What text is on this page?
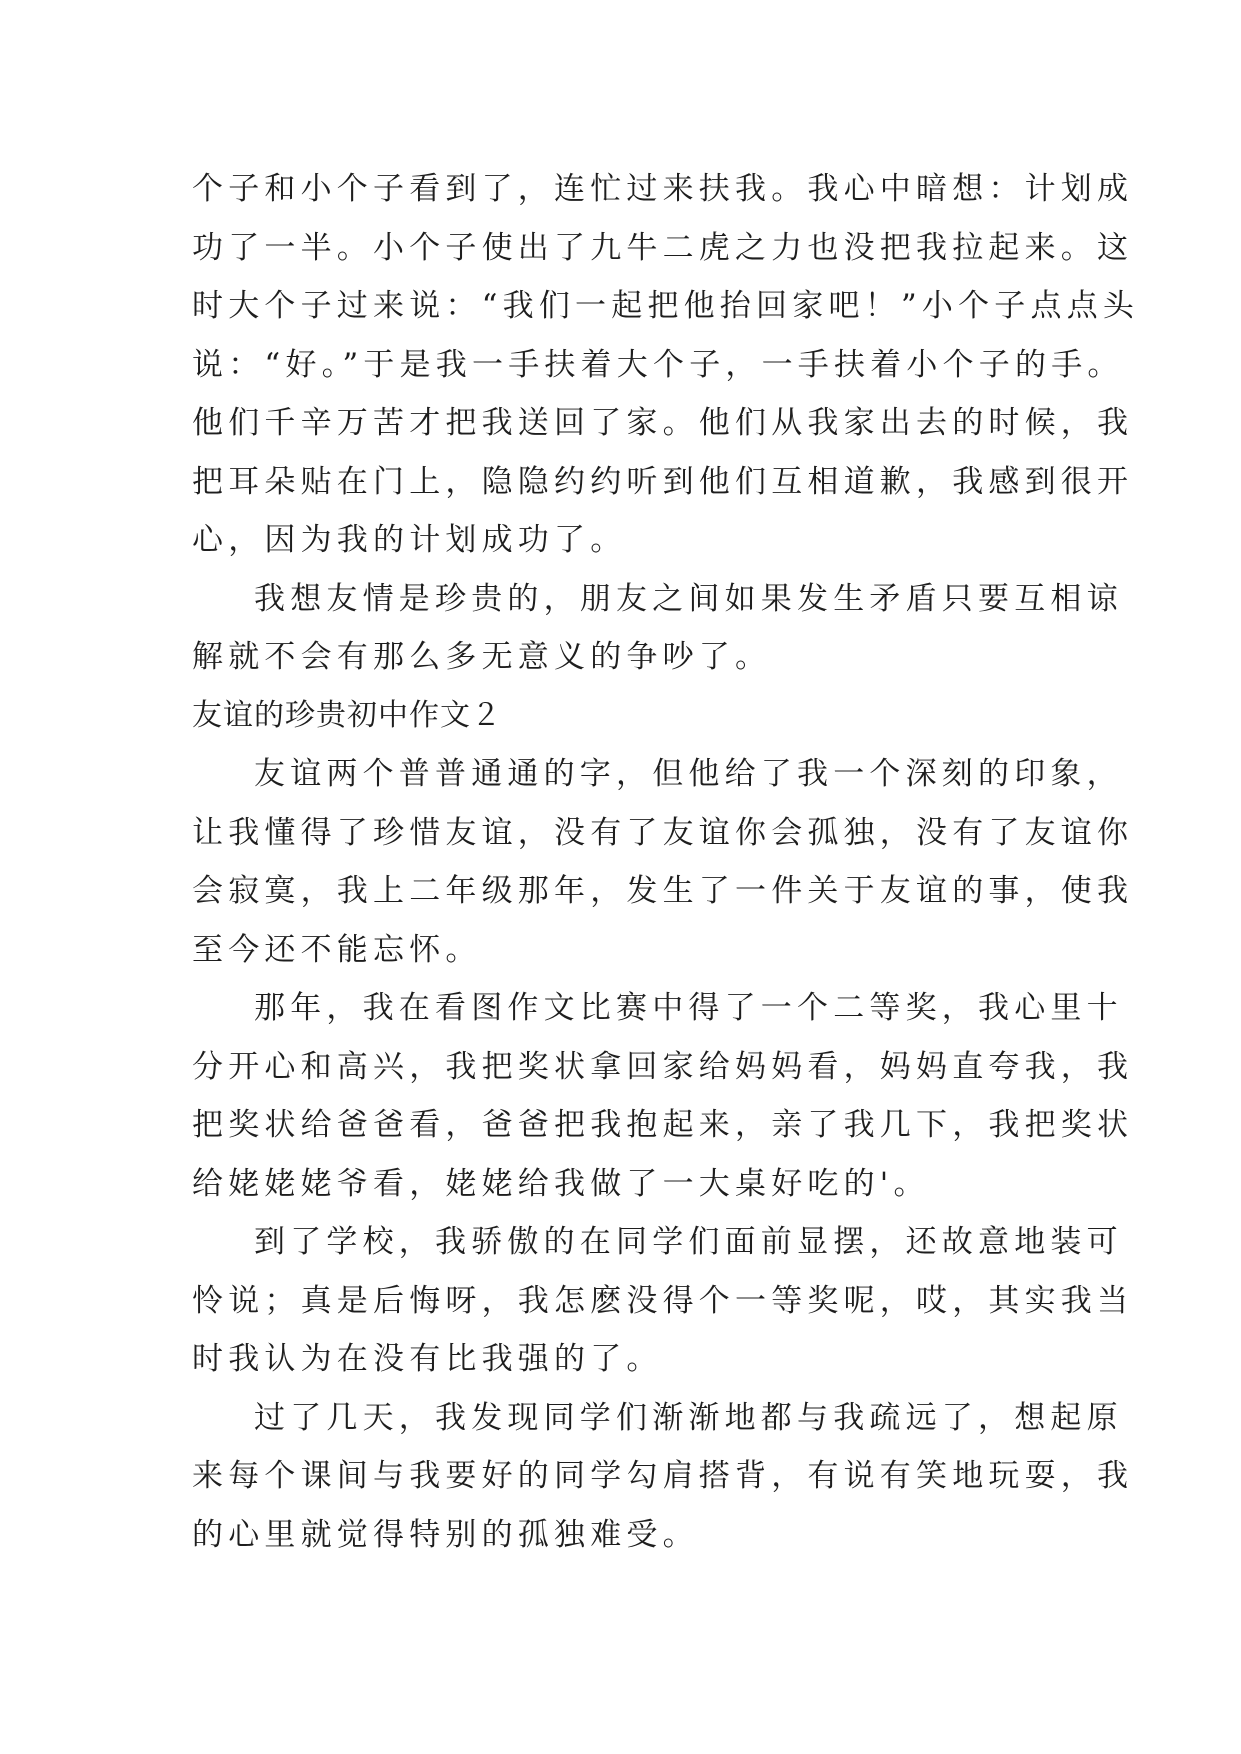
个子和小个子看到了，连忙过来扶我。我心中暗想：计划成
功了一半。小个子使出了九牛二虎之力也没把我拉起来。这
时大个子过来说：“我们一起把他抬回家吧！”小个子点点头
说：“好。”于是我一手扶着大个子，一手扶着小个子的手。
他们千辛万苦才把我送回了家。他们从我家出去的时候，我
把耳朵贴在门上，隐隐约约听到他们互相道歉，我感到很开
心，因为我的计划成功了。
我想友情是珍贵的，朋友之间如果发生矛盾只要互相谅
解就不会有那么多无意义的争吵了。
友谊的珍贵初中作文２
友谊两个普普通通的字，但他给了我一个深刻的印象，
让我懂得了珍惜友谊，没有了友谊你会孤独，没有了友谊你
会寂寞，我上二年级那年，发生了一件关于友谊的事，使我
至今还不能忘怀。
那年，我在看图作文比赛中得了一个二等奖，我心里十
分开心和高兴，我把奖状拿回家给妈妈看，妈妈直夸我，我
把奖状给爸爸看，爸爸把我抱起来，亲了我几下，我把奖状
给姥姥姥爷看，姥姥给我做了一大桌好吃的'。
到了学校，我骄傲的在同学们面前显摆，还故意地装可
怜说；真是后悔呀，我怎麽没得个一等奖呢，哎，其实我当
时我认为在没有比我强的了。
过了几天，我发现同学们渐渐地都与我疏远了，想起原
来每个课间与我要好的同学勾肩搭背，有说有笑地玩耍，我
的心里就觉得特别的孤独难受。
